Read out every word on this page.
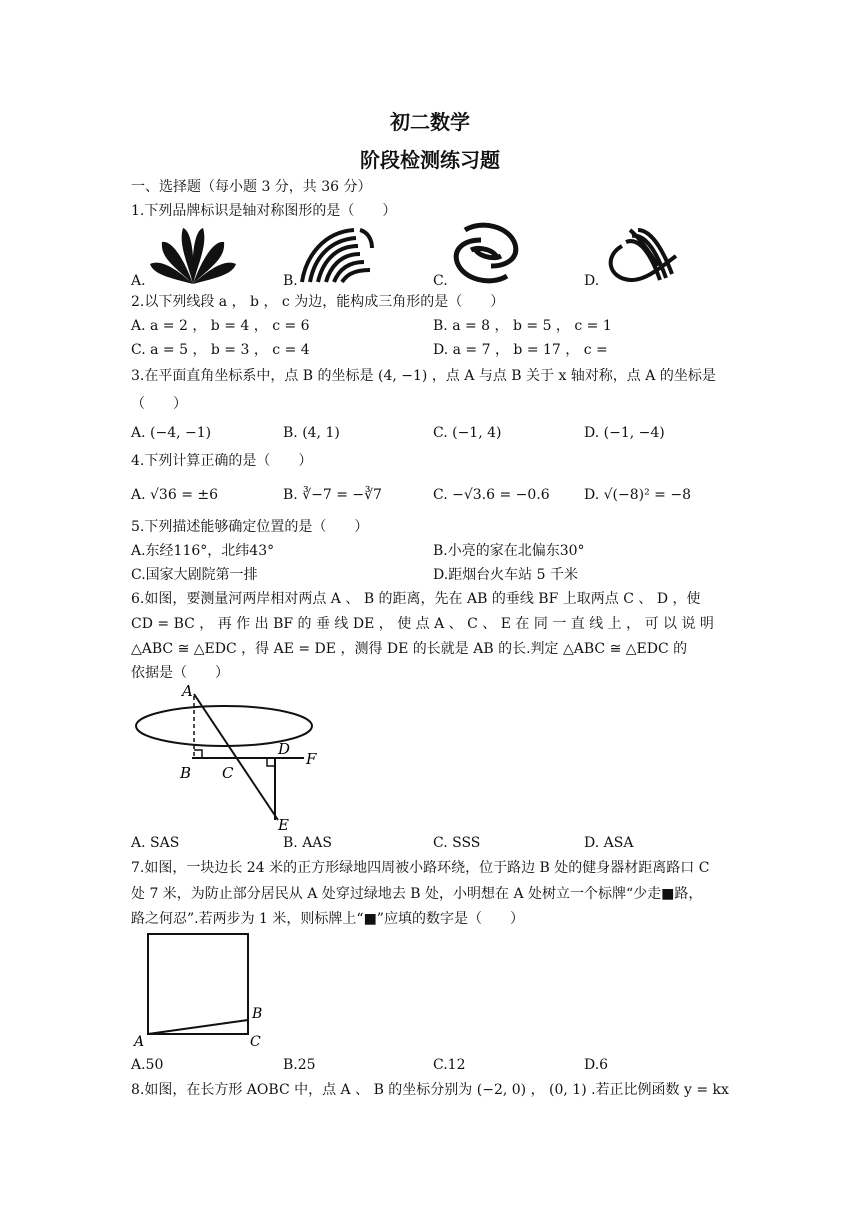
初二数学
阶段检测练习题
一、选择题（每小题 3 分，共 36 分）
1.下列品牌标识是轴对称图形的是（　　）
A.	B.	C.	D.
2.以下列线段 a ， b ， c 为边，能构成三角形的是（　　）
A. a = 2 ， b = 4 ， c = 6	B. a = 8 ， b = 5 ， c = 1
C. a = 5 ， b = 3 ， c = 4	D. a = 7 ， b = 17 ， c =
3.在平面直角坐标系中，点 B 的坐标是 (4, −1) ，点 A 与点 B 关于 x 轴对称，点 A 的坐标是
（　　）
A. (−4, −1)	B. (4, 1)	C. (−1, 4)	D. (−1, −4)
4.下列计算正确的是（　　）
A. √36 = ±6	B. ∛−7 = −∛7	C. −√3.6 = −0.6 D. √(−8)² = −8
5.下列描述能够确定位置的是（　　）
A.东经116°，北纬43°	B.小亮的家在北偏东30°
C.国家大剧院第一排	D.距烟台火车站 5 千米
6.如图，要测量河两岸相对两点 A 、 B 的距离，先在 AB 的垂线 BF 上取两点 C 、 D ，使
CD = BC ， 再 作 出 BF 的 垂 线 DE ， 使 点 A 、 C 、 E 在 同 一 直 线 上 ， 可 以 说 明
△ABC ≅ △EDC ，得 AE = DE ，测得 DE 的长就是 AB 的长.判定 △ABC ≅ △EDC 的
依据是（　　）
A
B C
D
F
E
A. SAS	B. AAS	C. SSS	D. ASA
7.如图，一块边长 24 米的正方形绿地四周被小路环绕，位于路边 B 处的健身器材距离路口 C
处 7 米，为防止部分居民从 A 处穿过绿地去 B 处，小明想在 A 处树立一个标牌“少走■路，
路之何忍”.若两步为 1 米，则标牌上“■”应填的数字是（　　）
B
A	C
A.50	B.25	C.12	D.6
8.如图，在长方形 AOBC 中，点 A 、 B 的坐标分别为 (−2, 0) ， (0, 1) .若正比例函数 y = kx
